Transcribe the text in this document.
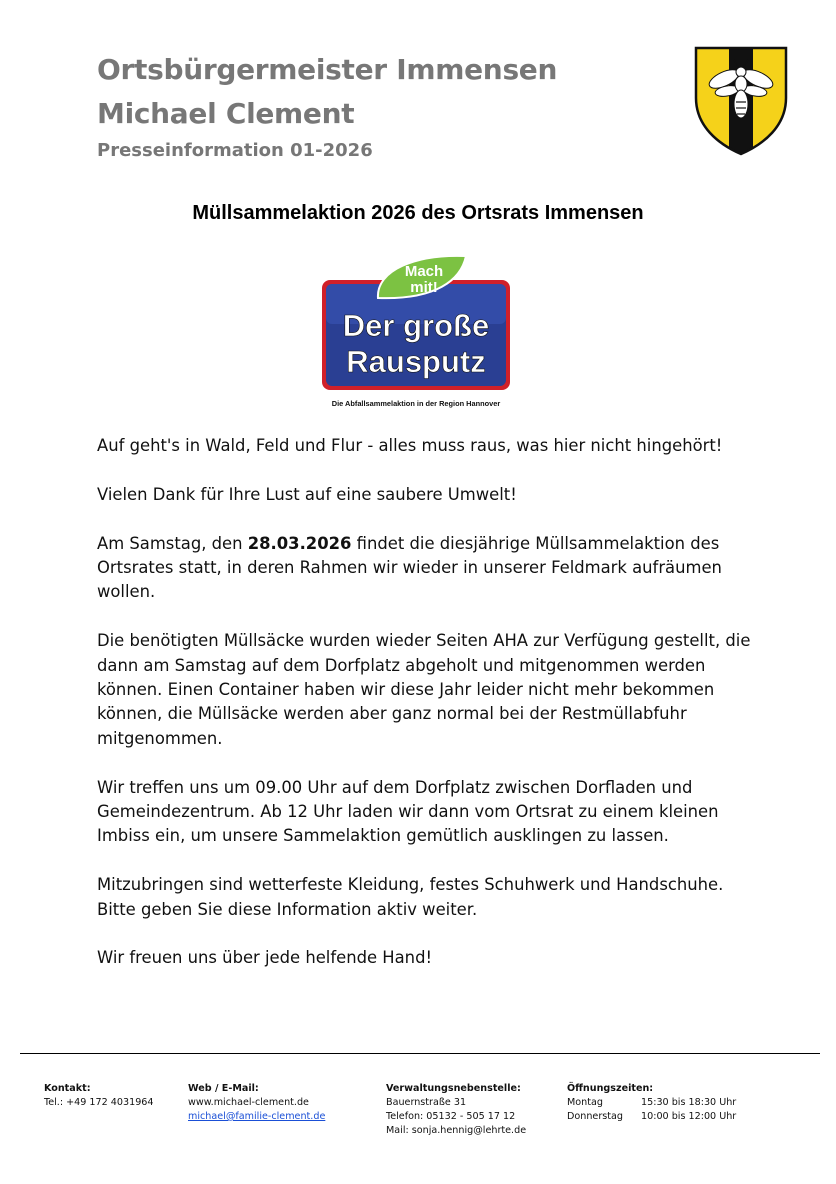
Ortsbürgermeister Immensen
Michael Clement
Presseinformation 01-2026
Müllsammelaktion 2026 des Ortsrats Immensen
Mach
mit!
Der große
Rausputz
Die Abfallsammelaktion in der Region Hannover

Auf geht's in Wald, Feld und Flur - alles muss raus, was hier nicht hingehört!

Vielen Dank für Ihre Lust auf eine saubere Umwelt!

Am Samstag, den 28.03.2026 findet die diesjährige Müllsammelaktion des Ortsrates statt, in deren Rahmen wir wieder in unserer Feldmark aufräumen wollen.

Die benötigten Müllsäcke wurden wieder Seiten AHA zur Verfügung gestellt, die dann am Samstag auf dem Dorfplatz abgeholt und mitgenommen werden können. Einen Container haben wir diese Jahr leider nicht mehr bekommen können, die Müllsäcke werden aber ganz normal bei der Restmüllabfuhr mitgenommen.

Wir treffen uns um 09.00 Uhr auf dem Dorfplatz zwischen Dorfladen und Gemeindezentrum. Ab 12 Uhr laden wir dann vom Ortsrat zu einem kleinen Imbiss ein, um unsere Sammelaktion gemütlich ausklingen zu lassen.

Mitzubringen sind wetterfeste Kleidung, festes Schuhwerk und Handschuhe. Bitte geben Sie diese Information aktiv weiter.

Wir freuen uns über jede helfende Hand!

Kontakt:
Tel.: +49 172 4031964
Web / E-Mail:
www.michael-clement.de
michael@familie-clement.de
Verwaltungsnebenstelle:
Bauernstraße 31
Telefon: 05132 - 505 17 12
Mail: sonja.hennig@lehrte.de
Öffnungszeiten:
Montag	15:30 bis 18:30 Uhr
Donnerstag	10:00 bis 12:00 Uhr
